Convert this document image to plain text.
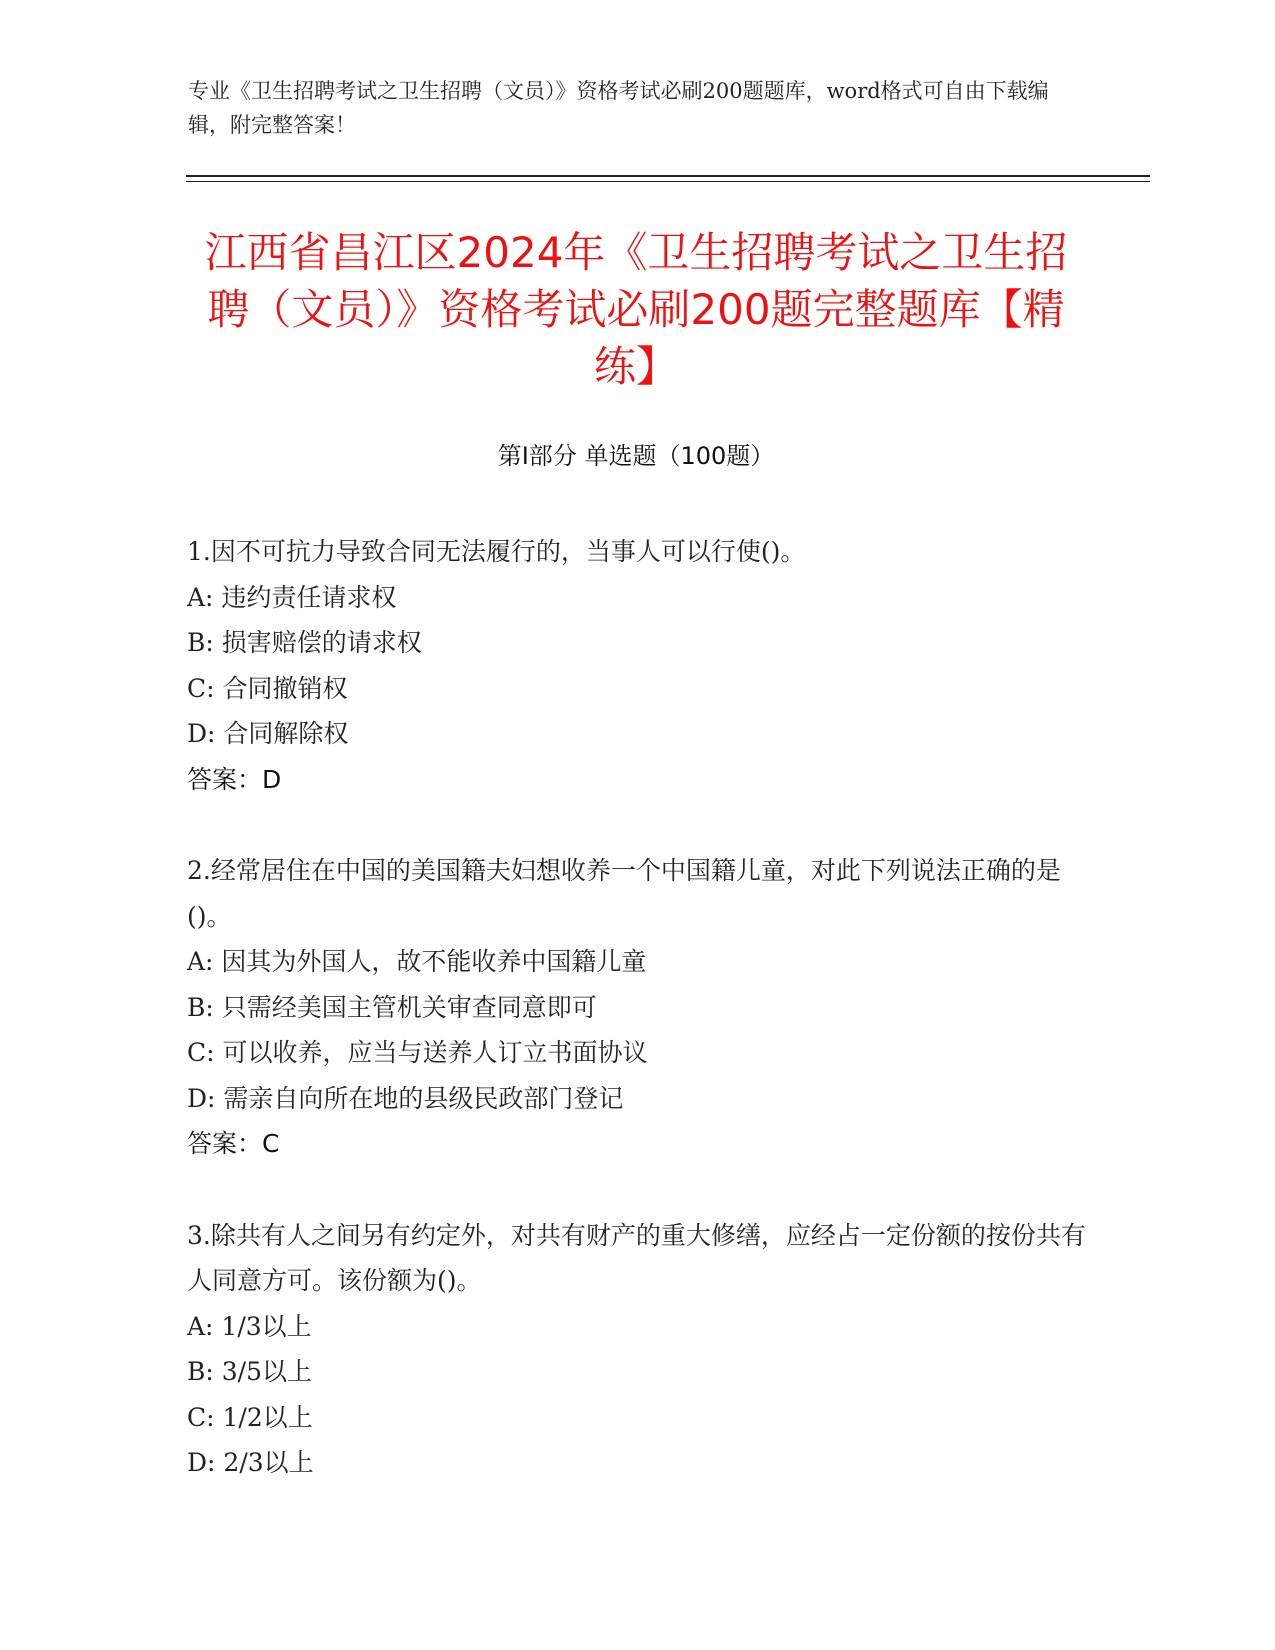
专业《卫生招聘考试之卫生招聘（文员）》资格考试必刷200题题库，word格式可自由下载编辑，附完整答案！
江西省昌江区2024年《卫生招聘考试之卫生招聘（文员）》资格考试必刷200题完整题库【精练】
第I部分 单选题（100题）
1.因不可抗力导致合同无法履行的，当事人可以行使()。
A: 违约责任请求权
B: 损害赔偿的请求权
C: 合同撤销权
D: 合同解除权
答案：D
2.经常居住在中国的美国籍夫妇想收养一个中国籍儿童，对此下列说法正确的是()。
A: 因其为外国人，故不能收养中国籍儿童
B: 只需经美国主管机关审查同意即可
C: 可以收养，应当与送养人订立书面协议
D: 需亲自向所在地的县级民政部门登记
答案：C
3.除共有人之间另有约定外，对共有财产的重大修缮，应经占一定份额的按份共有人同意方可。该份额为()。
A: 1/3以上
B: 3/5以上
C: 1/2以上
D: 2/3以上
